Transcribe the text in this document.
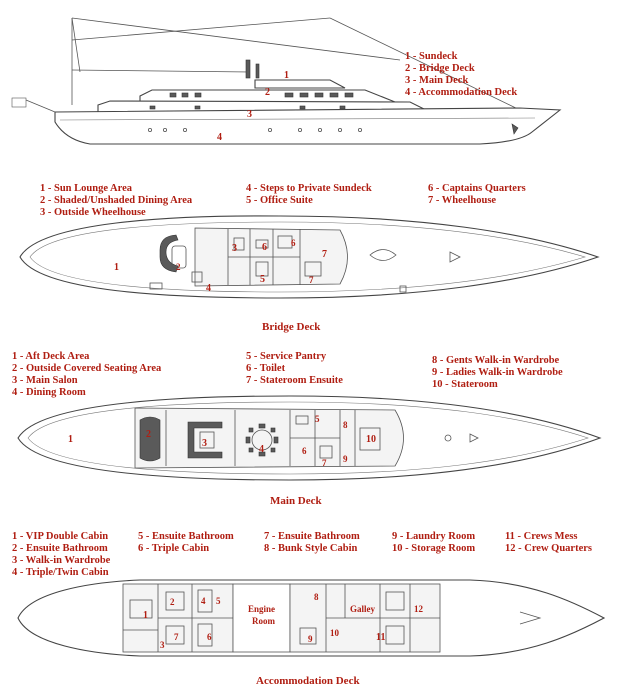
1
2
3
4
1	2
3
4
5
6
7
6
7
1	2
3
4
5
6
7
8
9
10
Engine
Room
Galley
1
2
3
4 5
6
7
8
9
10	11
12
1 - Sundeck
2 - Bridge Deck
3 - Main Deck
4 - Accommodation Deck
1 - Sun Lounge Area
2 - Shaded/Unshaded Dining Area
3 - Outside Wheelhouse
4 - Steps to Private Sundeck
5 - Office Suite
6 - Captains Quarters
7 - Wheelhouse
Bridge Deck
1 - Aft Deck Area
2 - Outside Covered Seating Area
3 - Main Salon
4 - Dining Room
5 - Service Pantry
6 - Toilet
7 - Stateroom Ensuite
8 - Gents Walk-in Wardrobe
9 - Ladies Walk-in Wardrobe
10 - Stateroom
Main Deck
1 - VIP Double Cabin
2 - Ensuite Bathroom
3 - Walk-in Wardrobe
4 - Triple/Twin Cabin
5 - Ensuite Bathroom
6 - Triple Cabin
7 - Ensuite Bathroom
8 - Bunk Style Cabin
9 - Laundry Room
10 - Storage Room
11 - Crews Mess
12 - Crew Quarters
Accommodation Deck
